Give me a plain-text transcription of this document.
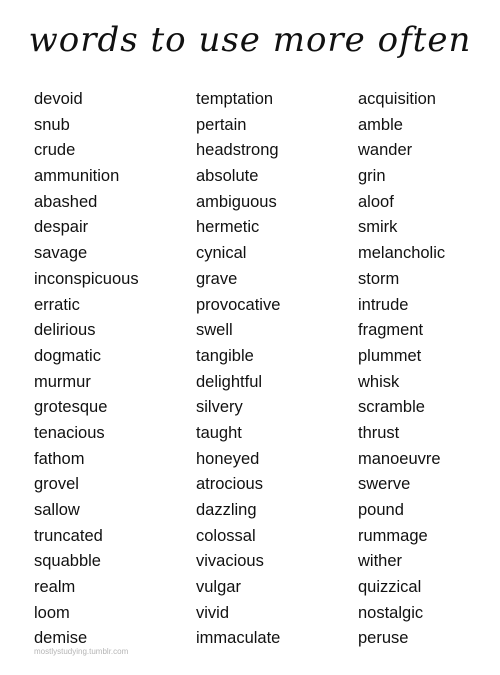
words to use more often
devoid
snub
crude
ammunition
abashed
despair
savage
inconspicuous
erratic
delirious
dogmatic
murmur
grotesque
tenacious
fathom
grovel
sallow
truncated
squabble
realm
loom
demise
temptation
pertain
headstrong
absolute
ambiguous
hermetic
cynical
grave
provocative
swell
tangible
delightful
silvery
taught
honeyed
atrocious
dazzling
colossal
vivacious
vulgar
vivid
immaculate
acquisition
amble
wander
grin
aloof
smirk
melancholic
storm
intrude
fragment
plummet
whisk
scramble
thrust
manoeuvre
swerve
pound
rummage
wither
quizzical
nostalgic
peruse
mostlystudying.tumblr.com
